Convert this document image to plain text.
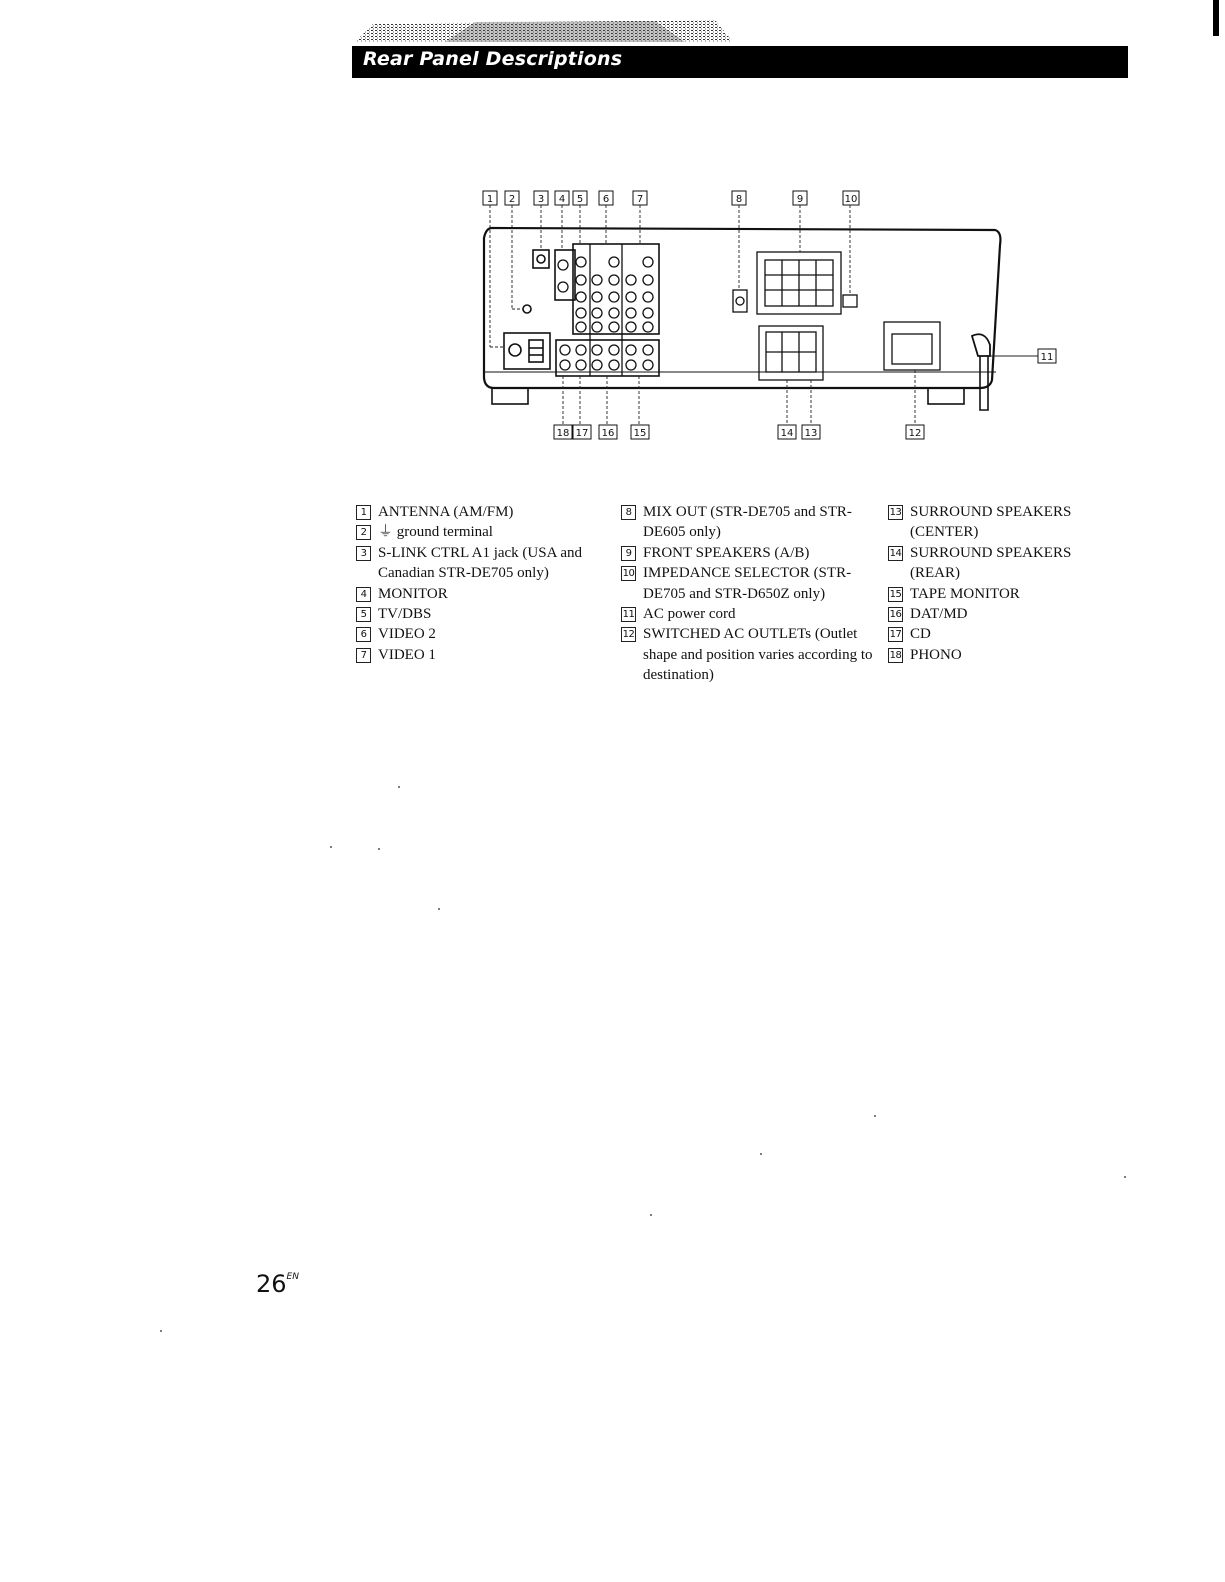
Rear Panel Descriptions
1 2 3 4 5 6	7	8	9	10
18 17 16 15	14 13	12
11
1 ANTENNA (AM/FM)
2 ⏚ ground terminal
3 S-LINK CTRL A1 jack (USA and Canadian STR-DE705 only)
4 MONITOR
5 TV/DBS
6 VIDEO 2
7 VIDEO 1
8 MIX OUT (STR-DE705 and STR-DE605 only)
9 FRONT SPEAKERS (A/B)
10 IMPEDANCE SELECTOR (STR-DE705 and STR-D650Z only)
11 AC power cord
12 SWITCHED AC OUTLETs (Outlet shape and position varies according to destination)
13 SURROUND SPEAKERS (CENTER)
14 SURROUND SPEAKERS (REAR)
15 TAPE MONITOR
16 DAT/MD
17 CD
18 PHONO
$26^{EN}$
